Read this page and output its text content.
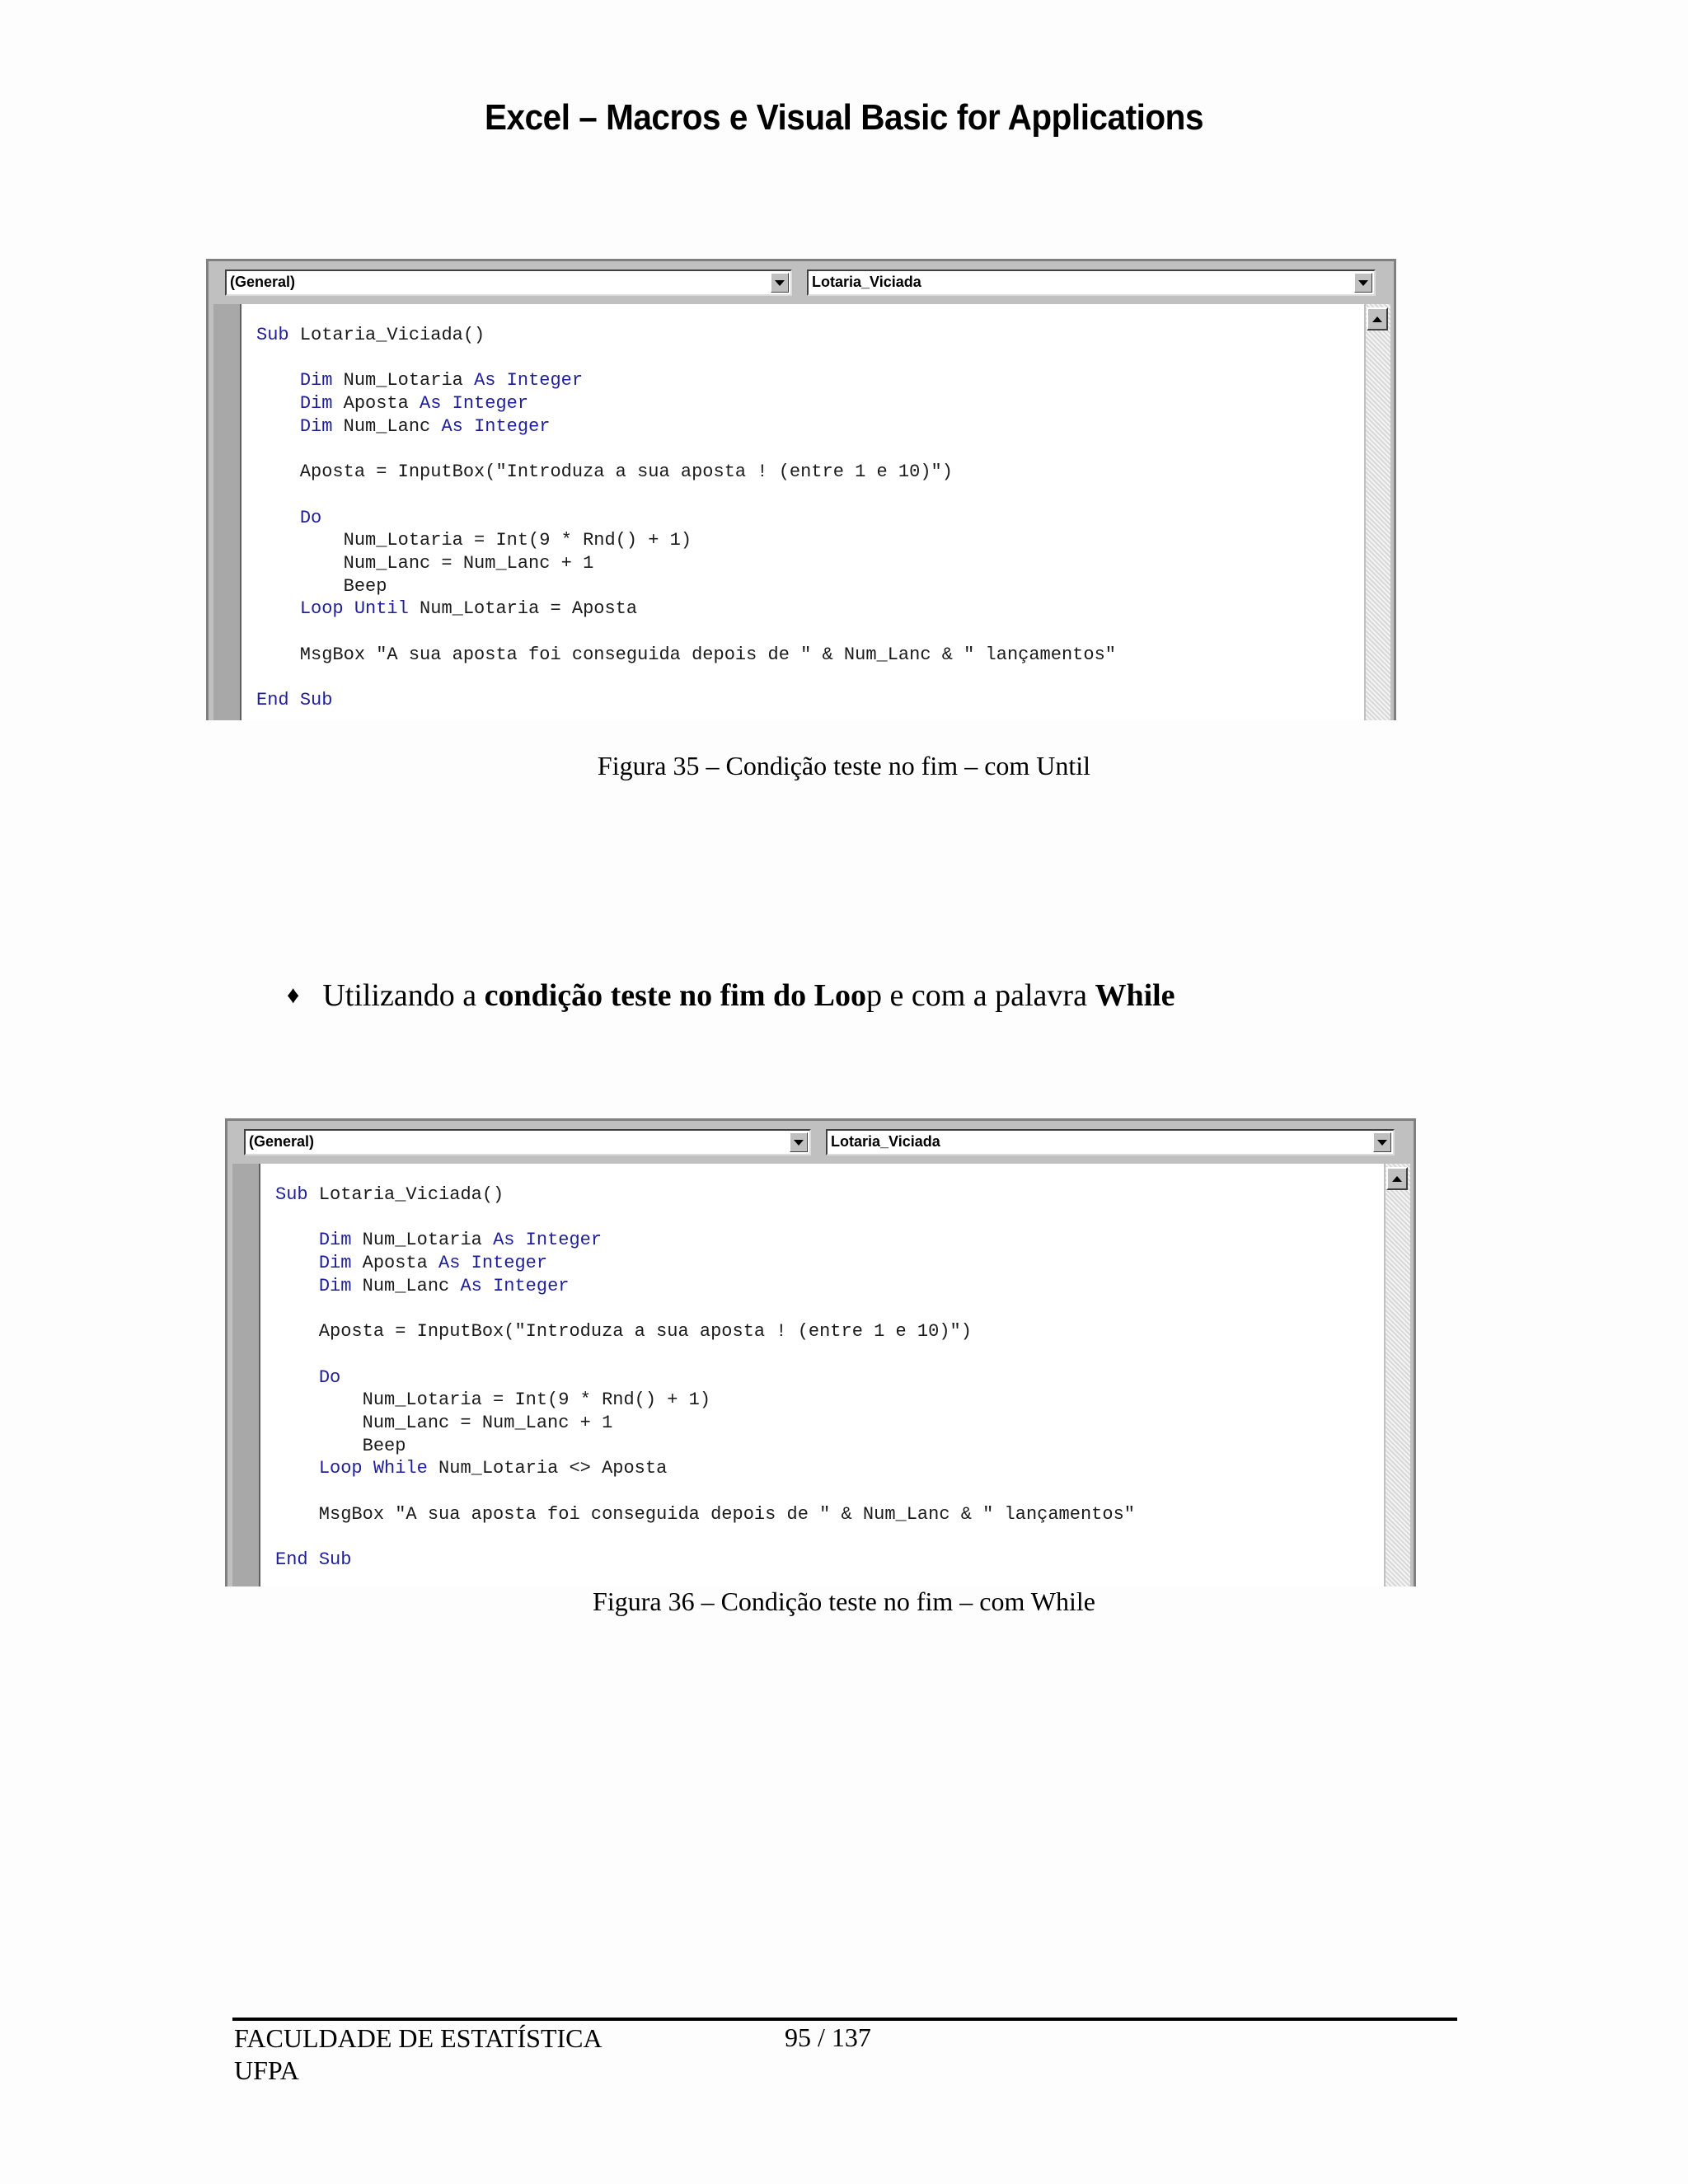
Excel – Macros e Visual Basic for Applications
(General)	Lotaria_Viciada
Sub Lotaria_Viciada()
Dim Num_Lotaria As Integer
Dim Aposta As Integer
Dim Num_Lanc As Integer
Aposta = InputBox("Introduza a sua aposta ! (entre 1 e 10)")
Do
Num_Lotaria = Int(9 * Rnd() + 1)
Num_Lanc = Num_Lanc + 1
Beep
Loop Until Num_Lotaria = Aposta
MsgBox "A sua aposta foi conseguida depois de " & Num_Lanc & " lançamentos"
End Sub
Figura 35 – Condição teste no fim – com Until
♦ Utilizando a condição teste no fim do Loop e com a palavra While
(General)	Lotaria_Viciada
Sub Lotaria_Viciada()
Dim Num_Lotaria As Integer
Dim Aposta As Integer
Dim Num_Lanc As Integer
Aposta = InputBox("Introduza a sua aposta ! (entre 1 e 10)")
Do
Num_Lotaria = Int(9 * Rnd() + 1)
Num_Lanc = Num_Lanc + 1
Beep
Loop While Num_Lotaria <> Aposta
MsgBox "A sua aposta foi conseguida depois de " & Num_Lanc & " lançamentos"
End Sub
Figura 36 – Condição teste no fim – com While
FACULDADE DE ESTATÍSTICA
UFPA
95 / 137
